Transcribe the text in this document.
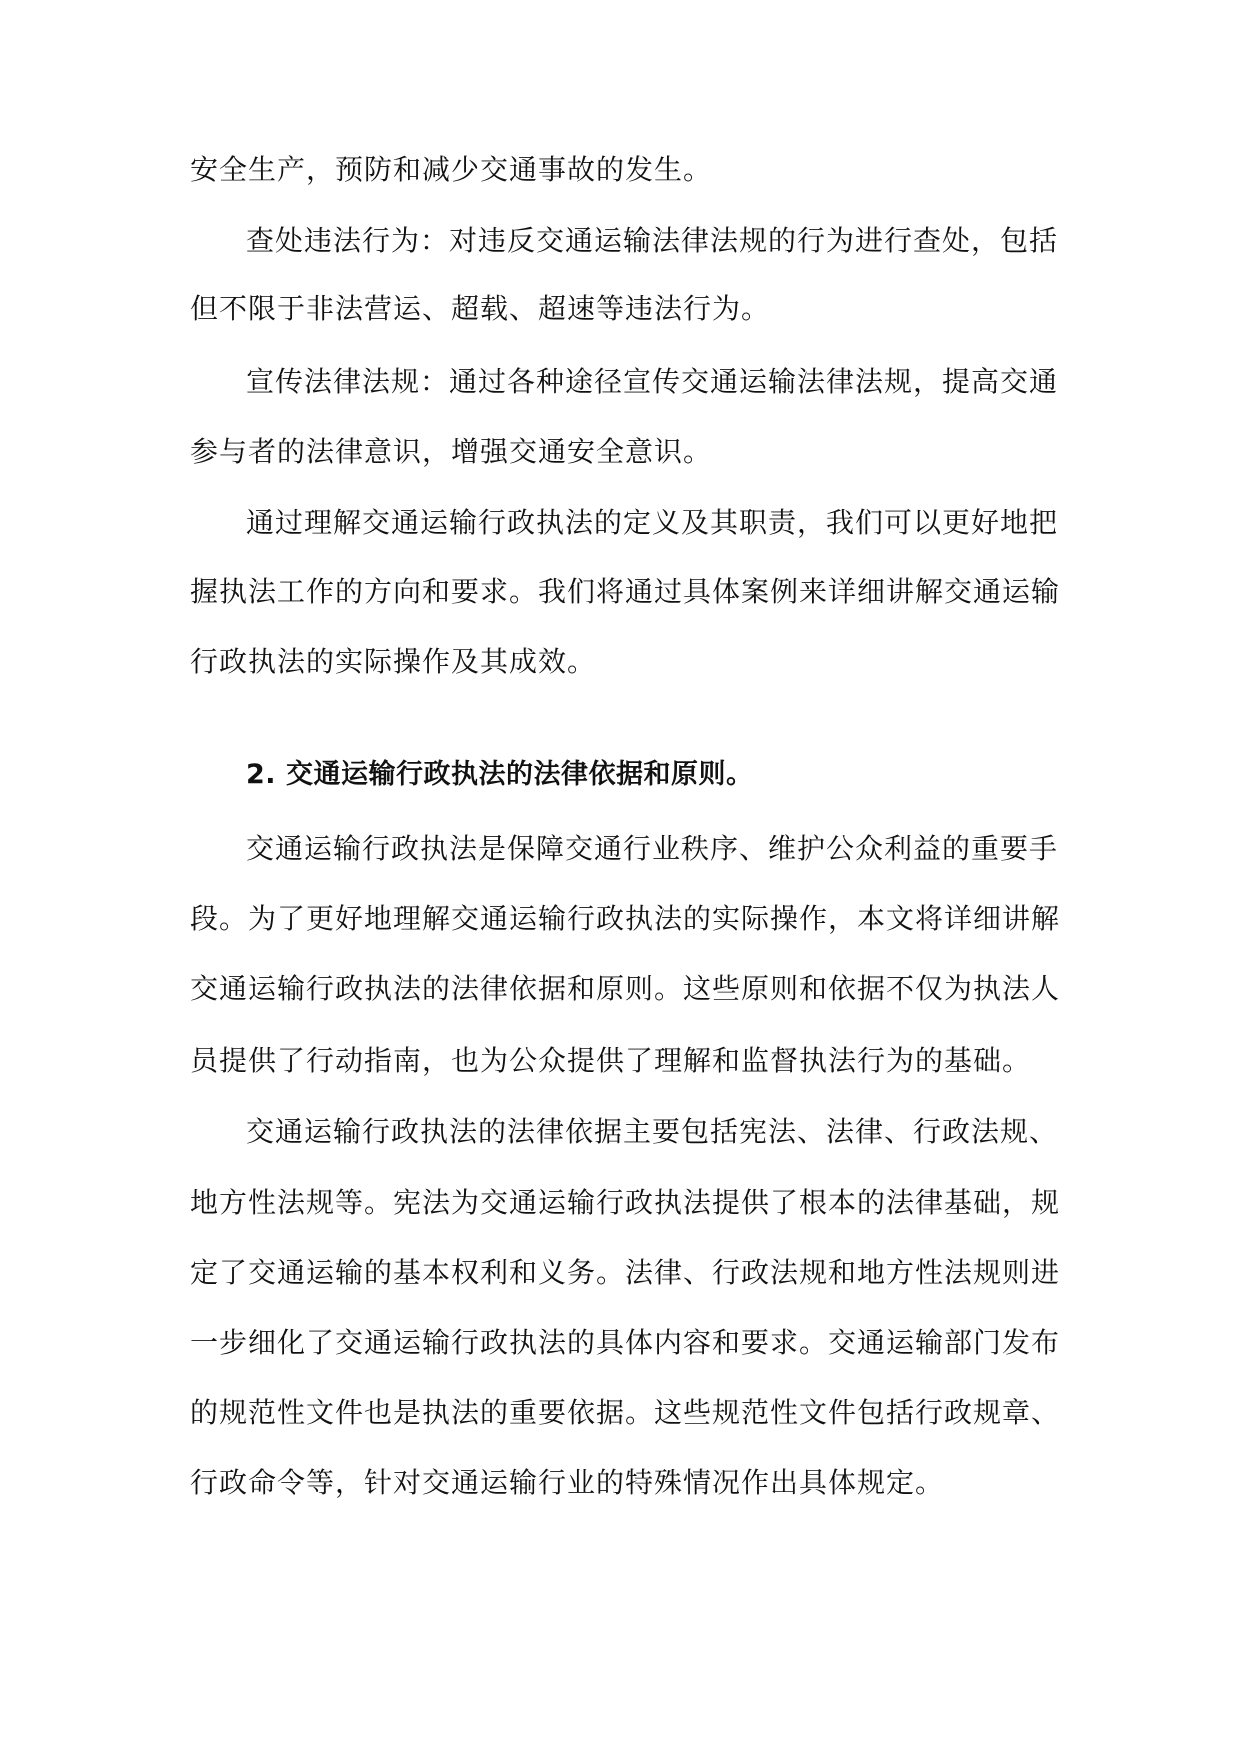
安全生产，预防和减少交通事故的发生。
查处违法行为：对违反交通运输法律法规的行为进行查处，包括
但不限于非法营运、超载、超速等违法行为。
宣传法律法规：通过各种途径宣传交通运输法律法规，提高交通
参与者的法律意识，增强交通安全意识。
通过理解交通运输行政执法的定义及其职责，我们可以更好地把
握执法工作的方向和要求。我们将通过具体案例来详细讲解交通运输
行政执法的实际操作及其成效。
2. 交通运输行政执法的法律依据和原则。
交通运输行政执法是保障交通行业秩序、维护公众利益的重要手
段。为了更好地理解交通运输行政执法的实际操作，本文将详细讲解
交通运输行政执法的法律依据和原则。这些原则和依据不仅为执法人
员提供了行动指南，也为公众提供了理解和监督执法行为的基础。
交通运输行政执法的法律依据主要包括宪法、法律、行政法规、
地方性法规等。宪法为交通运输行政执法提供了根本的法律基础，规
定了交通运输的基本权利和义务。法律、行政法规和地方性法规则进
一步细化了交通运输行政执法的具体内容和要求。交通运输部门发布
的规范性文件也是执法的重要依据。这些规范性文件包括行政规章、
行政命令等，针对交通运输行业的特殊情况作出具体规定。
